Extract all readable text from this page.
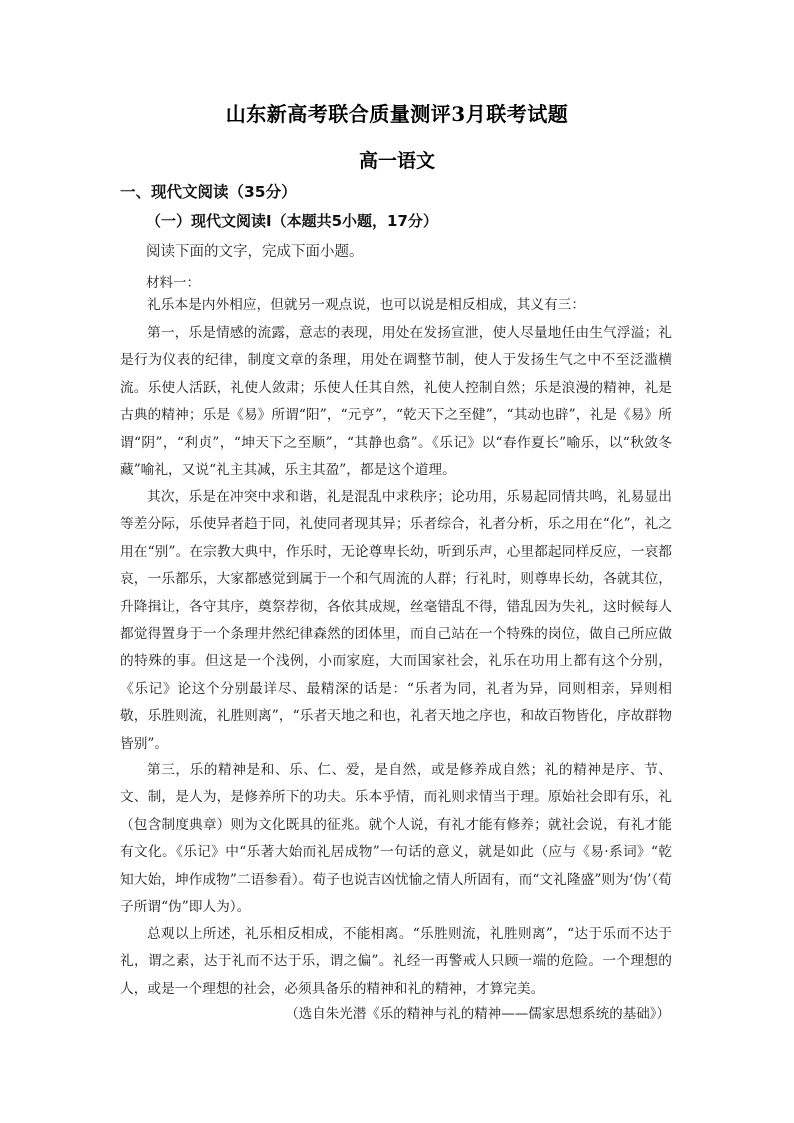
山东新高考联合质量测评3月联考试题
高一语文
一、现代文阅读（35分）
（一）现代文阅读Ⅰ（本题共5小题，17分）
阅读下面的文字，完成下面小题。
材料一：

礼乐本是内外相应，但就另一观点说，也可以说是相反相成，其义有三：

第一，乐是情感的流露，意志的表现，用处在发扬宣泄，使人尽量地任由生气浮溢；礼是行为仪表的纪律，制度文章的条理，用处在调整节制，使人于发扬生气之中不至泛滥横流。乐使人活跃，礼使人敛肃；乐使人任其自然，礼使人控制自然；乐是浪漫的精神，礼是古典的精神；乐是《易》所谓“阳”，“元亨”，“乾天下之至健”，“其动也辟”，礼是《易》所谓“阴”，“利贞”，“坤天下之至顺”，“其静也翕”。《乐记》以“春作夏长”喻乐，以“秋敛冬藏”喻礼，又说“礼主其减，乐主其盈”，都是这个道理。

其次，乐是在冲突中求和谐，礼是混乱中求秩序；论功用，乐易起同情共鸣，礼易显出等差分际，乐使异者趋于同，礼使同者现其异；乐者综合，礼者分析，乐之用在“化”，礼之用在“别”。在宗教大典中，作乐时，无论尊卑长幼，听到乐声，心里都起同样反应，一哀都哀，一乐都乐，大家都感觉到属于一个和气周流的人群；行礼时，则尊卑长幼，各就其位，升降揖让，各守其序，奠祭荐彻，各依其成规，丝毫错乱不得，错乱因为失礼，这时候每人都觉得置身于一个条理井然纪律森然的团体里，而自己站在一个特殊的岗位，做自己所应做的特殊的事。但这是一个浅例，小而家庭，大而国家社会，礼乐在功用上都有这个分别，《乐记》论这个分别最详尽、最精深的话是：“乐者为同，礼者为异，同则相亲，异则相敬，乐胜则流，礼胜则离”，“乐者天地之和也，礼者天地之序也，和故百物皆化，序故群物皆别”。

第三，乐的精神是和、乐、仁、爱，是自然，或是修养成自然；礼的精神是序、节、文、制，是人为，是修养所下的功夫。乐本乎情，而礼则求情当于理。原始社会即有乐，礼（包含制度典章）则为文化既具的征兆。就个人说，有礼才能有修养；就社会说，有礼才能有文化。《乐记》中“乐著大始而礼居成物”一句话的意义，就是如此（应与《易·系词》“乾知大始，坤作成物”二语参看）。荀子也说吉凶忧愉之情人所固有，而“文礼隆盛”则为‘伪’（荀子所谓“伪”即人为）。

总观以上所述，礼乐相反相成，不能相离。“乐胜则流，礼胜则离”，“达于乐而不达于礼，谓之素，达于礼而不达于乐，谓之偏”。礼经一再警戒人只顾一端的危险。一个理想的人，或是一个理想的社会，必须具备乐的精神和礼的精神，才算完美。

（选自朱光潜《乐的精神与礼的精神——儒家思想系统的基础》）
